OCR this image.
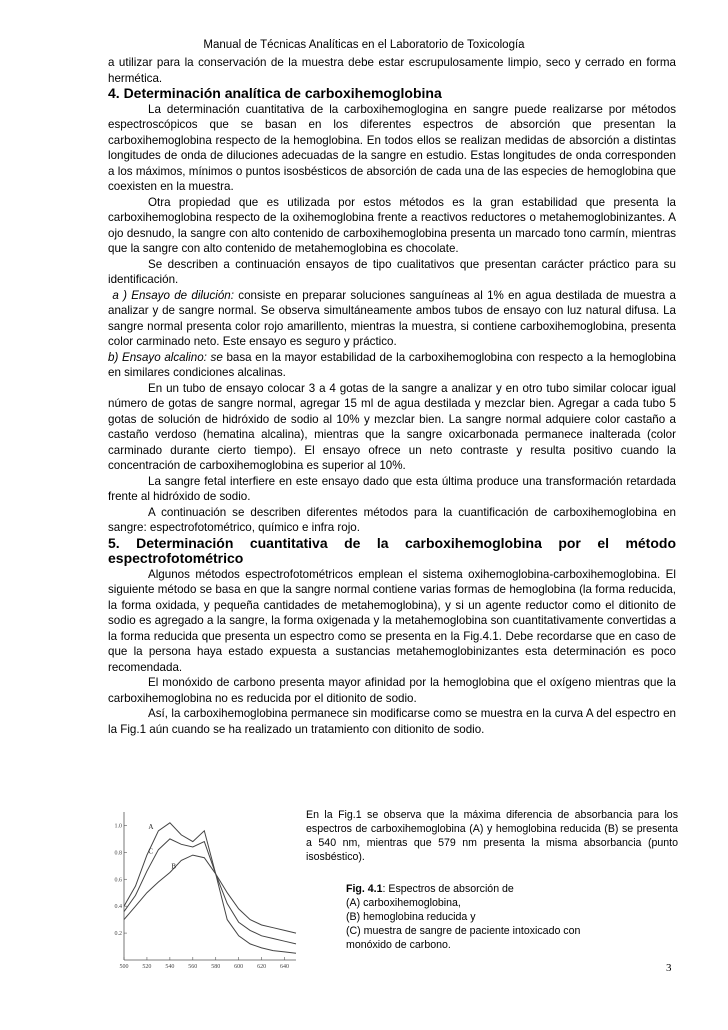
Manual de Técnicas Analíticas en el Laboratorio de Toxicología

a utilizar para la conservación de la muestra debe estar escrupulosamente limpio, seco y cerrado en forma hermética.

4. Determinación analítica de carboxihemoglobina

La determinación cuantitativa de la carboxihemoglogina en sangre puede realizarse por métodos espectroscópicos que se basan en los diferentes espectros de absorción que presentan la carboxihemoglobina respecto de la hemoglobina. En todos ellos se realizan medidas de absorción a distintas longitudes de onda de diluciones adecuadas de la sangre en estudio. Estas longitudes de onda corresponden a los máximos, mínimos o puntos isosbésticos de absorción de cada una de las especies de hemoglobina que coexisten en la muestra.

Otra propiedad que es utilizada por estos métodos es la gran estabilidad que presenta la carboxihemoglobina respecto de la oxihemoglobina frente a reactivos reductores o metahemoglobinizantes. A ojo desnudo, la sangre con alto contenido de carboxihemoglobina presenta un marcado tono carmín, mientras que la sangre con alto contenido de metahemoglobina es chocolate.

Se describen a continuación ensayos de tipo cualitativos que presentan carácter práctico para su identificación.

a ) Ensayo de dilución: consiste en preparar soluciones sanguíneas al 1% en agua destilada de muestra a analizar y de sangre normal. Se observa simultáneamente ambos tubos de ensayo con luz natural difusa. La sangre normal presenta color rojo amarillento, mientras la muestra, si contiene carboxihemoglobina, presenta color carminado neto. Este ensayo es seguro y práctico.

b) Ensayo alcalino: se basa en la mayor estabilidad de la carboxihemoglobina con respecto a la hemoglobina en similares condiciones alcalinas.

En un tubo de ensayo colocar 3 a 4 gotas de la sangre a analizar y en otro tubo similar colocar igual número de gotas de sangre normal, agregar 15 ml de agua destilada y mezclar bien. Agregar a cada tubo 5 gotas de solución de hidróxido de sodio al 10% y mezclar bien. La sangre normal adquiere color castaño a castaño verdoso (hematina alcalina), mientras que la sangre oxicarbonada permanece inalterada (color carminado durante cierto tiempo). El ensayo ofrece un neto contraste y resulta positivo cuando la concentración de carboxihemoglobina es superior al 10%.

La sangre fetal interfiere en este ensayo dado que esta última produce una transformación retardada frente al hidróxido de sodio.

A continuación se describen diferentes métodos para la cuantificación de carboxihemoglobina en sangre: espectrofotométrico, químico e infra rojo.

5. Determinación cuantitativa de la carboxihemoglobina por el método espectrofotométrico

Algunos métodos espectrofotométricos emplean el sistema oxihemoglobina-carboxihemoglobina. El siguiente método se basa en que la sangre normal contiene varias formas de hemoglobina (la forma reducida, la forma oxidada, y pequeña cantidades de metahemoglobina), y si un agente reductor como el ditionito de sodio es agregado a la sangre, la forma oxigenada y la metahemoglobina son cuantitativamente convertidas a la forma reducida que presenta un espectro como se presenta en la Fig.4.1. Debe recordarse que en caso de que la persona haya estado expuesta a sustancias metahemoglobinizantes esta determinación es poco recomendada.

El monóxido de carbono presenta mayor afinidad por la hemoglobina que el oxígeno mientras que la carboxihemoglobina no es reducida por el ditionito de sodio.

Así, la carboxihemoglobina permanece sin modificarse como se muestra en la curva A del espectro en la Fig.1 aún cuando se ha realizado un tratamiento con ditionito de sodio.

500 520 540 560 580 600 620 640
1.0
0.8
0.6
0.4
0.2
A
B
C
En la Fig.1 se observa que la máxima diferencia de absorbancia para los espectros de carboxihemoglobina (A) y hemoglobina reducida (B) se presenta a 540 nm, mientras que 579 nm presenta la misma absorbancia (punto isosbéstico).
Fig. 4.1: Espectros de absorción de
(A) carboxihemoglobina,
(B) hemoglobina reducida y
(C) muestra de sangre de paciente intoxicado con
monóxido de carbono.
3
